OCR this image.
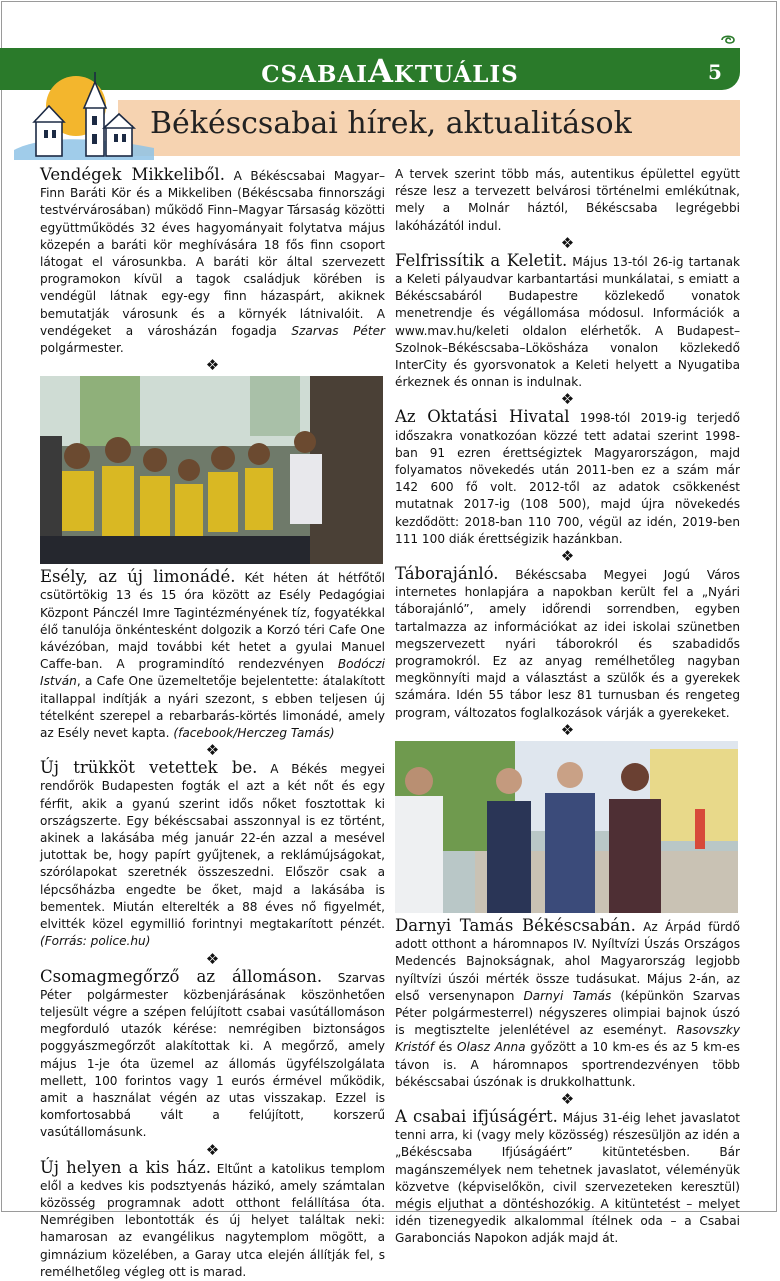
CSABAIAKTUÁLIS	5
Békéscsabai hírek, aktualitások

Vendégek Mikkeliből. A Békéscsabai Magyar–Finn Baráti Kör és a Mikkeliben (Békéscsaba finnországi testvérvárosában) működő Finn–Magyar Társaság közötti együttműködés 32 éves hagyományait folytatva május közepén a baráti kör meghívására 18 fős finn csoport látogat el városunkba. A baráti kör által szervezett programokon kívül a tagok családjuk körében is vendégül látnak egy-egy finn házaspárt, akiknek bemutatják városunk és a környék látnivalóit. A vendégeket a városházán fogadja Szarvas Péter polgármester.

❖

Esély, az új limonádé. Két héten át hétfőtől csütörtökig 13 és 15 óra között az Esély Pedagógiai Központ Pánczél Imre Tagintézményének tíz, fogyatékkal élő tanulója önkéntesként dolgozik a Korzó téri Cafe One kávézóban, majd további két hetet a gyulai Manuel Caffe-ban. A programindító rendezvényen Bodóczi István, a Cafe One üzemeltetője bejelentette: átalakított itallappal indítják a nyári szezont, s ebben teljesen új tételként szerepel a rebarbarás-körtés limonádé, amely az Esély nevet kapta. (facebook/Herczeg Tamás)

❖

Új trükköt vetettek be. A Békés megyei rendőrök Budapesten fogták el azt a két nőt és egy férfit, akik a gyanú szerint idős nőket fosztottak ki országszerte. Egy békéscsabai asszonnyal is ez történt, akinek a lakásába még január 22-én azzal a mesével jutottak be, hogy papírt gyűjtenek, a reklámújságokat, szórólapokat szeretnék összeszedni. Először csak a lépcsőházba engedte be őket, majd a lakásába is bementek. Miután elterelték a 88 éves nő figyelmét, elvitték közel egymillió forintnyi megtakarított pénzét. (Forrás: police.hu)

❖

Csomagmegőrző az állomáson. Szarvas Péter polgármester közbenjárásának köszönhetően teljesült végre a szépen felújított csabai vasútállomáson megforduló utazók kérése: nemrégiben biztonságos poggyászmegőrzőt alakítottak ki. A megőrző, amely május 1-je óta üzemel az állomás ügyfélszolgálata mellett, 100 forintos vagy 1 eurós érmével működik, amit a használat végén az utas visszakap. Ezzel is komfortosabbá vált a felújított, korszerű vasútállomásunk.

❖

Új helyen a kis ház. Eltűnt a katolikus templom elől a kedves kis podsztyenás házikó, amely számtalan közösség programnak adott otthont felállítása óta. Nemrégiben lebontották és új helyet találtak neki: hamarosan az evangélikus nagytemplom mögött, a gimnázium közelében, a Garay utca elején állítják fel, s remélhetőleg végleg ott is marad.

A tervek szerint több más, autentikus épülettel együtt része lesz a tervezett belvárosi történelmi emlékútnak, mely a Molnár háztól, Békéscsaba legrégebbi lakóházától indul.

❖

Felfrissítik a Keletit. Május 13-tól 26-ig tartanak a Keleti pályaudvar karbantartási munkálatai, s emiatt a Békéscsabáról Budapestre közlekedő vonatok menetrendje és végállomása módosul. Információk a www.mav.hu/keleti oldalon elérhetők. A Budapest–Szolnok–Békéscsaba–Lökösháza vonalon közlekedő InterCity és gyorsvonatok a Keleti helyett a Nyugatiba érkeznek és onnan is indulnak.

❖

Az Oktatási Hivatal 1998-tól 2019-ig terjedő időszakra vonatkozóan közzé tett adatai szerint 1998-ban 91 ezren érettségiztek Magyarországon, majd folyamatos növekedés után 2011-ben ez a szám már 142 600 fő volt. 2012-től az adatok csökkenést mutatnak 2017-ig (108 500), majd újra növekedés kezdődött: 2018-ban 110 700, végül az idén, 2019-ben 111 100 diák érettségizik hazánkban.

❖

Táborajánló. Békéscsaba Megyei Jogú Város internetes honlapjára a napokban került fel a „Nyári táborajánló”, amely időrendi sorrendben, egyben tartalmazza az információkat az idei iskolai szünetben megszervezett nyári táborokról és szabadidős programokról. Ez az anyag remélhetőleg nagyban megkönnyíti majd a választást a szülők és a gyerekek számára. Idén 55 tábor lesz 81 turnusban és rengeteg program, változatos foglalkozások várják a gyerekeket.

❖

Darnyi Tamás Békéscsabán. Az Árpád fürdő adott otthont a háromnapos IV. Nyíltvízi Úszás Országos Medencés Bajnokságnak, ahol Magyarország legjobb nyíltvízi úszói mérték össze tudásukat. Május 2-án, az első versenynapon Darnyi Tamás (képünkön Szarvas Péter polgármesterrel) négyszeres olimpiai bajnok úszó is megtisztelte jelenlétével az eseményt. Rasovszky Kristóf és Olasz Anna győzött a 10 km-es és az 5 km-es távon is. A háromnapos sportrendezvényen több békéscsabai úszónak is drukkolhattunk.

❖

A csabai ifjúságért. Május 31-éig lehet javaslatot tenni arra, ki (vagy mely közösség) részesüljön az idén a „Békéscsaba Ifjúságáért” kitüntetésben. Bár magánszemélyek nem tehetnek javaslatot, véleményük közvetve (képviselőkön, civil szervezeteken keresztül) mégis eljuthat a döntéshozókig. A kitüntetést – melyet idén tizenegyedik alkalommal ítélnek oda – a Csabai Garabonciás Napokon adják majd át.
